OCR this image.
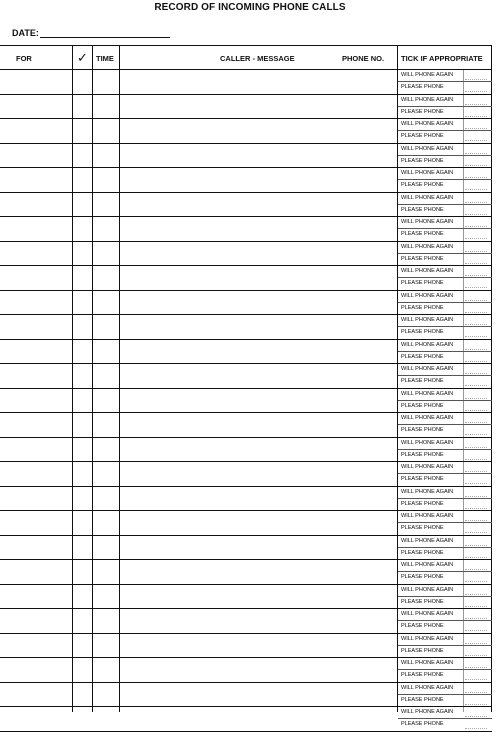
RECORD OF INCOMING PHONE CALLS
DATE:
FOR	✓ TIME	CALLER - MESSAGE	PHONE NO. TICK IF APPROPRIATE
WILL PHONE AGAIN
PLEASE PHONE
WILL PHONE AGAIN
PLEASE PHONE
WILL PHONE AGAIN
PLEASE PHONE
WILL PHONE AGAIN
PLEASE PHONE
WILL PHONE AGAIN
PLEASE PHONE
WILL PHONE AGAIN
PLEASE PHONE
WILL PHONE AGAIN
PLEASE PHONE
WILL PHONE AGAIN
PLEASE PHONE
WILL PHONE AGAIN
PLEASE PHONE
WILL PHONE AGAIN
PLEASE PHONE
WILL PHONE AGAIN
PLEASE PHONE
WILL PHONE AGAIN
PLEASE PHONE
WILL PHONE AGAIN
PLEASE PHONE
WILL PHONE AGAIN
PLEASE PHONE
WILL PHONE AGAIN
PLEASE PHONE
WILL PHONE AGAIN
PLEASE PHONE
WILL PHONE AGAIN
PLEASE PHONE
WILL PHONE AGAIN
PLEASE PHONE
WILL PHONE AGAIN
PLEASE PHONE
WILL PHONE AGAIN
PLEASE PHONE
WILL PHONE AGAIN
PLEASE PHONE
WILL PHONE AGAIN
PLEASE PHONE
WILL PHONE AGAIN
PLEASE PHONE
WILL PHONE AGAIN
PLEASE PHONE
WILL PHONE AGAIN
PLEASE PHONE
WILL PHONE AGAIN
PLEASE PHONE
WILL PHONE AGAIN
PLEASE PHONE
